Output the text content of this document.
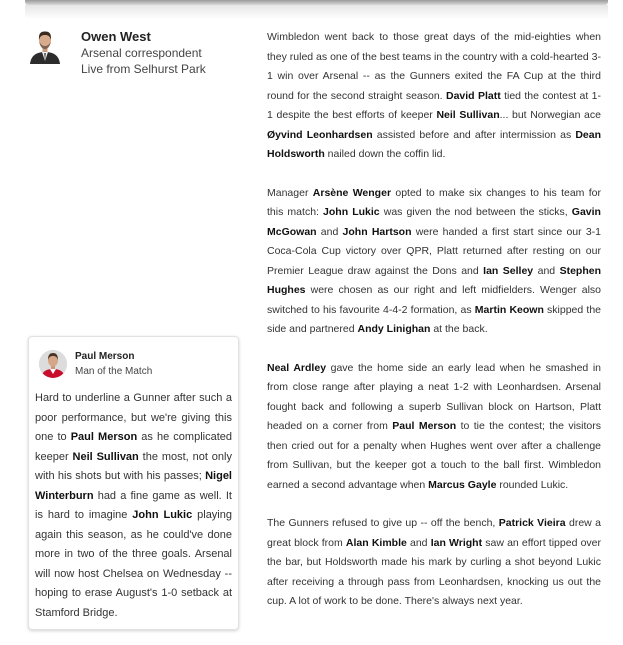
Owen West
Arsenal correspondent
Live from Selhurst Park
Paul Merson
Man of the Match
Hard to underline a Gunner after such a poor performance, but we're giving this one to Paul Merson as he complicated keeper Neil Sullivan the most, not only with his shots but with his passes; Nigel Winterburn had a fine game as well. It is hard to imagine John Lukic playing again this season, as he could've done more in two of the three goals. Arsenal will now host Chelsea on Wednesday -- hoping to erase August's 1-0 setback at Stamford Bridge.

Wimbledon went back to those great days of the mid-eighties when they ruled as one of the best teams in the country with a cold-hearted 3-1 win over Arsenal -- as the Gunners exited the FA Cup at the third round for the second straight season. David Platt tied the contest at 1-1 despite the best efforts of keeper Neil Sullivan... but Norwegian ace Øyvind Leonhardsen assisted before and after intermission as Dean Holdsworth nailed down the coffin lid.

Manager Arsène Wenger opted to make six changes to his team for this match: John Lukic was given the nod between the sticks, Gavin McGowan and John Hartson were handed a first start since our 3-1 Coca-Cola Cup victory over QPR, Platt returned after resting on our Premier League draw against the Dons and Ian Selley and Stephen Hughes were chosen as our right and left midfielders. Wenger also switched to his favourite 4-4-2 formation, as Martin Keown skipped the side and partnered Andy Linighan at the back.

Neal Ardley gave the home side an early lead when he smashed in from close range after playing a neat 1-2 with Leonhardsen. Arsenal fought back and following a superb Sullivan block on Hartson, Platt headed on a corner from Paul Merson to tie the contest; the visitors then cried out for a penalty when Hughes went over after a challenge from Sullivan, but the keeper got a touch to the ball first. Wimbledon earned a second advantage when Marcus Gayle rounded Lukic.

The Gunners refused to give up -- off the bench, Patrick Vieira drew a great block from Alan Kimble and Ian Wright saw an effort tipped over the bar, but Holdsworth made his mark by curling a shot beyond Lukic after receiving a through pass from Leonhardsen, knocking us out the cup. A lot of work to be done. There's always next year.
